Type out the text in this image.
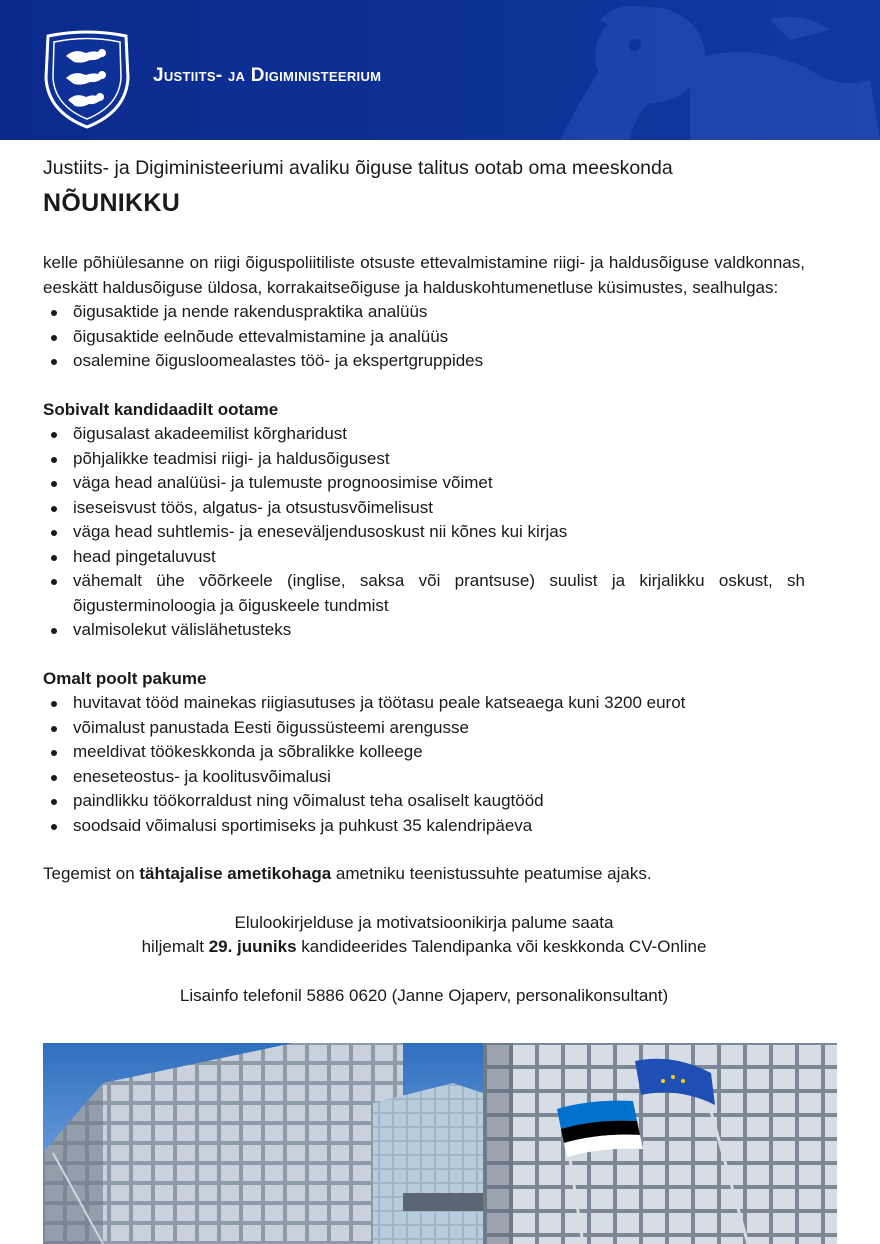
Justiits- ja Digiministeerium

Justiits- ja Digiministeeriumi avaliku õiguse talitus ootab oma meeskonda

NÕUNIKKU

kelle põhiülesanne on riigi õiguspoliitiliste otsuste ettevalmistamine riigi- ja haldusõiguse valdkonnas, eeskätt haldusõiguse üldosa, korrakaitseõiguse ja halduskohtumenetluse küsimustes, sealhulgas:

õigusaktide ja nende rakenduspraktika analüüs
õigusaktide eelnõude ettevalmistamine ja analüüs
osalemine õigusloomealastes töö- ja ekspertgruppides

Sobivalt kandidaadilt ootame

õigusalast akadeemilist kõrgharidust
põhjalikke teadmisi riigi- ja haldusõigusest
väga head analüüsi- ja tulemuste prognoosimise võimet
iseseisvust töös, algatus- ja otsustusvõimelisust
väga head suhtlemis- ja eneseväljendusoskust nii kõnes kui kirjas
head pingetaluvust
vähemalt ühe võõrkeele (inglise, saksa või prantsuse) suulist ja kirjalikku oskust, sh õigusterminoloogia ja õiguskeele tundmist
valmisolekut välislähetusteks

Omalt poolt pakume

huvitavat tööd mainekas riigiasutuses ja töötasu peale katseaega kuni 3200 eurot
võimalust panustada Eesti õigussüsteemi arengusse
meeldivat töökeskkonda ja sõbralikke kolleege
eneseteostus- ja koolitusvõimalusi
paindlikku töökorraldust ning võimalust teha osaliselt kaugtööd
soodsaid võimalusi sportimiseks ja puhkust 35 kalendripäeva

Tegemist on tähtajalise ametikohaga ametniku teenistussuhte peatumise ajaks.

Elulookirjelduse ja motivatsioonikirja palume saata

hiljemalt 29. juuniks kandideerides Talendipanka või keskkonda CV-Online

Lisainfo telefonil 5886 0620 (Janne Ojaperv, personalikonsultant)
